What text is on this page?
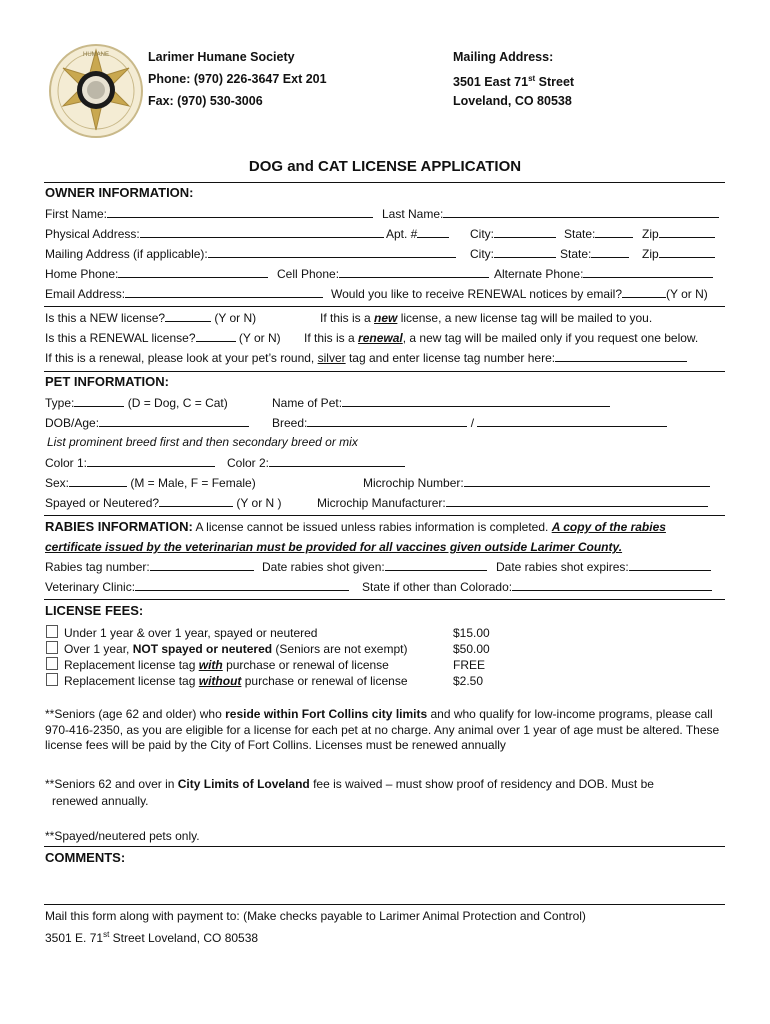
HUMANE	Larimer Humane Society
Phone: (970) 226-3647 Ext 201
Fax: (970) 530-3006
Mailing Address:
3501 East 71st Street
Loveland, CO 80538
DOG and CAT LICENSE APPLICATION
OWNER INFORMATION:
First Name:	Last Name:
Physical Address:	Apt. #	City:	State:	Zip
Mailing Address (if applicable):	City:	State:	Zip
Home Phone:	Cell Phone:	Alternate Phone:
Email Address:	Would you like to receive RENEWAL notices by email?	(Y or N)
Is this a NEW license?	(Y or N)	If this is a new license, a new license tag will be mailed to you.
Is this a RENEWAL license?	(Y or N) If this is a renewal, a new tag will be mailed only if you request one below.
If this is a renewal, please look at your pet’s round, silver tag and enter license tag number here:
PET INFORMATION:
Type:	(D = Dog, C = Cat)	Name of Pet:
DOB/Age:	Breed:	/
List prominent breed first and then secondary breed or mix
Color 1:	Color 2:
Sex:	(M = Male, F = Female)	Microchip Number:
Spayed or Neutered?	(Y or N )	Microchip Manufacturer:
RABIES INFORMATION: A license cannot be issued unless rabies information is completed. A copy of the rabies
certificate issued by the veterinarian must be provided for all vaccines given outside Larimer County.
Rabies tag number:	Date rabies shot given:	Date rabies shot expires:
Veterinary Clinic:	State if other than Colorado:
LICENSE FEES:
Under 1 year & over 1 year, spayed or neutered	$15.00
Over 1 year, NOT spayed or neutered (Seniors are not exempt)	$50.00
Replacement license tag with purchase or renewal of license	FREE
Replacement license tag without purchase or renewal of license	$2.50
**Seniors (age 62 and older) who reside within Fort Collins city limits and who qualify for low-income programs, please call 970-416-2350, as you are eligible for a license for each pet at no charge. Any animal over 1 year of age must be altered. These license fees will be paid by the City of Fort Collins. Licenses must be renewed annually
**Seniors 62 and over in City Limits of Loveland fee is waived – must show proof of residency and DOB. Must be
renewed annually.
**Spayed/neutered pets only.
COMMENTS:
Mail this form along with payment to: (Make checks payable to Larimer Animal Protection and Control)
3501 E. 71st Street Loveland, CO 80538
